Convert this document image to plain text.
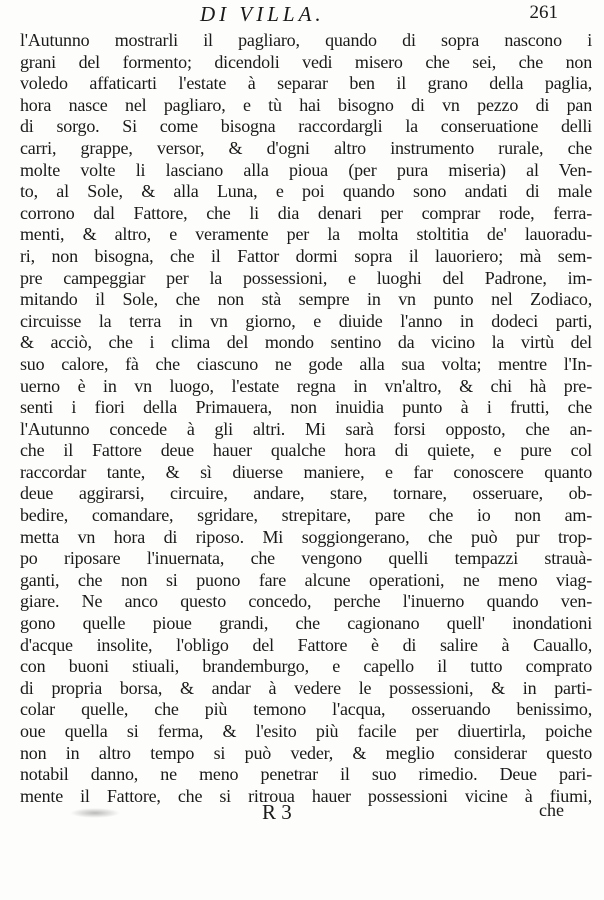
DI VILLA.	261
l'Autunno mostrarli il pagliaro, quando di sopra nascono i
grani del formento; dicendoli vedi misero che sei, che non
voledo affaticarti l'estate à separar ben il grano della paglia,
hora nasce nel pagliaro, e tù hai bisogno di vn pezzo di pan
di sorgo. Si come bisogna raccordargli la conseruatione delli
carri, grappe, versor, & d'ogni altro instrumento rurale, che
molte volte li lasciano alla pioua (per pura miseria) al Ven-
to, al Sole, & alla Luna, e poi quando sono andati di male
corrono dal Fattore, che li dia denari per comprar rode, ferra-
menti, & altro, e veramente per la molta stoltitia de' lauoradu-
ri, non bisogna, che il Fattor dormi sopra il lauoriero; mà sem-
pre campeggiar per la possessioni, e luoghi del Padrone, im-
mitando il Sole, che non stà sempre in vn punto nel Zodiaco,
circuisse la terra in vn giorno, e diuide l'anno in dodeci parti,
& acciò, che i clima del mondo sentino da vicino la virtù del
suo calore, fà che ciascuno ne gode alla sua volta; mentre l'In-
uerno è in vn luogo, l'estate regna in vn'altro, & chi hà pre-
senti i fiori della Primauera, non inuidia punto à i frutti, che
l'Autunno concede à gli altri. Mi sarà forsi opposto, che an-
che il Fattore deue hauer qualche hora di quiete, e pure col
raccordar tante, & sì diuerse maniere, e far conoscere quanto
deue aggirarsi, circuire, andare, stare, tornare, osseruare, ob-
bedire, comandare, sgridare, strepitare, pare che io non am-
metta vn hora di riposo. Mi soggiongerano, che può pur trop-
po riposare l'inuernata, che vengono quelli tempazzi strauà-
ganti, che non si puono fare alcune operationi, ne meno viag-
giare. Ne anco questo concedo, perche l'inuerno quando ven-
gono quelle pioue grandi, che cagionano quell' inondationi
d'acque insolite, l'obligo del Fattore è di salire à Cauallo,
con buoni stiuali, brandemburgo, e capello il tutto comprato
di propria borsa, & andar à vedere le possessioni, & in parti-
colar quelle, che più temono l'acqua, osseruando benissimo,
oue quella si ferma, & l'esito più facile per diuertirla, poiche
non in altro tempo si può veder, & meglio considerar questo
notabil danno, ne meno penetrar il suo rimedio. Deue pari-
mente il Fattore, che si ritroua hauer possessioni vicine à fiumi,
R 3	che
